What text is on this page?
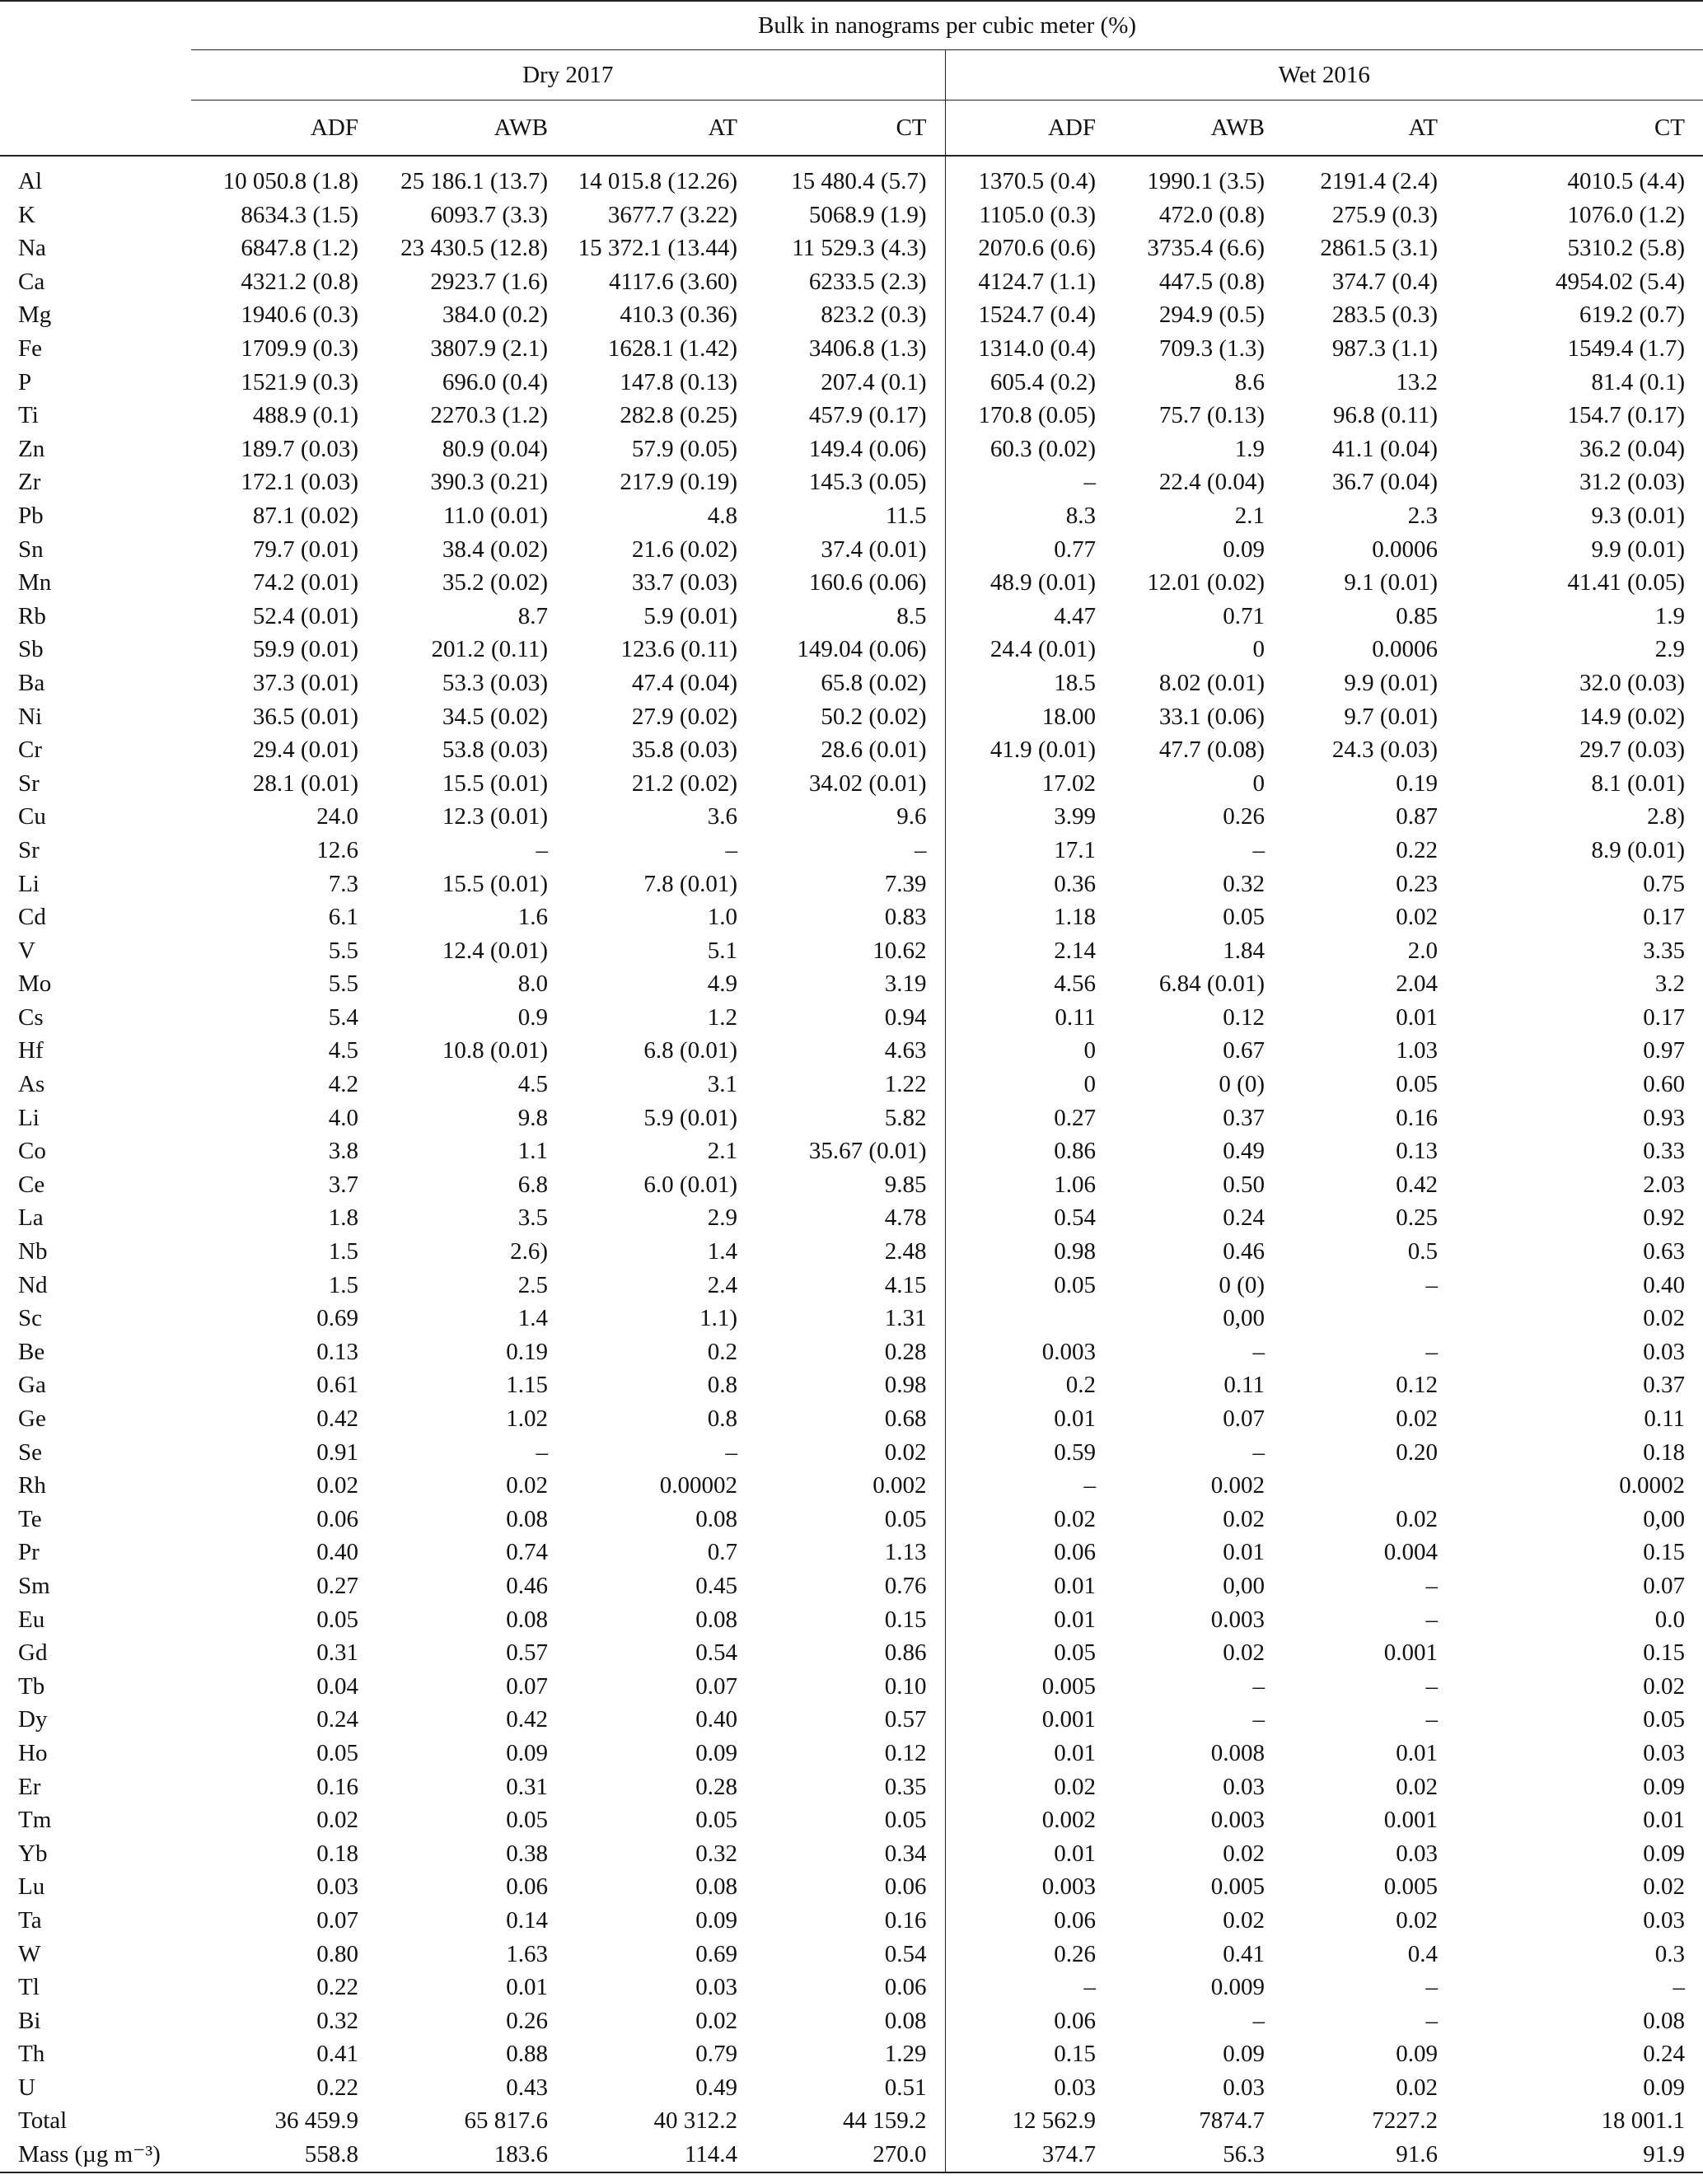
	Bulk in nanograms per cubic meter (%)							
	Dry 2017				Wet 2016			
	ADF	AWB	AT	CT	ADF	AWB	AT	CT
Al	10 050.8 (1.8)	25 186.1 (13.7)	14 015.8 (12.26)	15 480.4 (5.7)	1370.5 (0.4)	1990.1 (3.5)	2191.4 (2.4)	4010.5 (4.4)
K	8634.3 (1.5)	6093.7 (3.3)	3677.7 (3.22)	5068.9 (1.9)	1105.0 (0.3)	472.0 (0.8)	275.9 (0.3)	1076.0 (1.2)
Na	6847.8 (1.2)	23 430.5 (12.8)	15 372.1 (13.44)	11 529.3 (4.3)	2070.6 (0.6)	3735.4 (6.6)	2861.5 (3.1)	5310.2 (5.8)
Ca	4321.2 (0.8)	2923.7 (1.6)	4117.6 (3.60)	6233.5 (2.3)	4124.7 (1.1)	447.5 (0.8)	374.7 (0.4)	4954.02 (5.4)
Mg	1940.6 (0.3)	384.0 (0.2)	410.3 (0.36)	823.2 (0.3)	1524.7 (0.4)	294.9 (0.5)	283.5 (0.3)	619.2 (0.7)
Fe	1709.9 (0.3)	3807.9 (2.1)	1628.1 (1.42)	3406.8 (1.3)	1314.0 (0.4)	709.3 (1.3)	987.3 (1.1)	1549.4 (1.7)
P	1521.9 (0.3)	696.0 (0.4)	147.8 (0.13)	207.4 (0.1)	605.4 (0.2)	8.6	13.2	81.4 (0.1)
Ti	488.9 (0.1)	2270.3 (1.2)	282.8 (0.25)	457.9 (0.17)	170.8 (0.05)	75.7 (0.13)	96.8 (0.11)	154.7 (0.17)
Zn	189.7 (0.03)	80.9 (0.04)	57.9 (0.05)	149.4 (0.06)	60.3 (0.02)	1.9	41.1 (0.04)	36.2 (0.04)
Zr	172.1 (0.03)	390.3 (0.21)	217.9 (0.19)	145.3 (0.05)	–	22.4 (0.04)	36.7 (0.04)	31.2 (0.03)
Pb	87.1 (0.02)	11.0 (0.01)	4.8	11.5	8.3	2.1	2.3	9.3 (0.01)
Sn	79.7 (0.01)	38.4 (0.02)	21.6 (0.02)	37.4 (0.01)	0.77	0.09	0.0006	9.9 (0.01)
Mn	74.2 (0.01)	35.2 (0.02)	33.7 (0.03)	160.6 (0.06)	48.9 (0.01)	12.01 (0.02)	9.1 (0.01)	41.41 (0.05)
Rb	52.4 (0.01)	8.7	5.9 (0.01)	8.5	4.47	0.71	0.85	1.9
Sb	59.9 (0.01)	201.2 (0.11)	123.6 (0.11)	149.04 (0.06)	24.4 (0.01)	0	0.0006	2.9
Ba	37.3 (0.01)	53.3 (0.03)	47.4 (0.04)	65.8 (0.02)	18.5	8.02 (0.01)	9.9 (0.01)	32.0 (0.03)
Ni	36.5 (0.01)	34.5 (0.02)	27.9 (0.02)	50.2 (0.02)	18.00	33.1 (0.06)	9.7 (0.01)	14.9 (0.02)
Cr	29.4 (0.01)	53.8 (0.03)	35.8 (0.03)	28.6 (0.01)	41.9 (0.01)	47.7 (0.08)	24.3 (0.03)	29.7 (0.03)
Sr	28.1 (0.01)	15.5 (0.01)	21.2 (0.02)	34.02 (0.01)	17.02	0	0.19	8.1 (0.01)
Cu	24.0	12.3 (0.01)	3.6	9.6	3.99	0.26	0.87	2.8)
Sr	12.6	–	–	–	17.1	–	0.22	8.9 (0.01)
Li	7.3	15.5 (0.01)	7.8 (0.01)	7.39	0.36	0.32	0.23	0.75
Cd	6.1	1.6	1.0	0.83	1.18	0.05	0.02	0.17
V	5.5	12.4 (0.01)	5.1	10.62	2.14	1.84	2.0	3.35
Mo	5.5	8.0	4.9	3.19	4.56	6.84 (0.01)	2.04	3.2
Cs	5.4	0.9	1.2	0.94	0.11	0.12	0.01	0.17
Hf	4.5	10.8 (0.01)	6.8 (0.01)	4.63	0	0.67	1.03	0.97
As	4.2	4.5	3.1	1.22	0	0 (0)	0.05	0.60
Li	4.0	9.8	5.9 (0.01)	5.82	0.27	0.37	0.16	0.93
Co	3.8	1.1	2.1	35.67 (0.01)	0.86	0.49	0.13	0.33
Ce	3.7	6.8	6.0 (0.01)	9.85	1.06	0.50	0.42	2.03
La	1.8	3.5	2.9	4.78	0.54	0.24	0.25	0.92
Nb	1.5	2.6)	1.4	2.48	0.98	0.46	0.5	0.63
Nd	1.5	2.5	2.4	4.15	0.05	0 (0)	–	0.40
Sc	0.69	1.4	1.1)	1.31		0,00		0.02
Be	0.13	0.19	0.2	0.28	0.003	–	–	0.03
Ga	0.61	1.15	0.8	0.98	0.2	0.11	0.12	0.37
Ge	0.42	1.02	0.8	0.68	0.01	0.07	0.02	0.11
Se	0.91	–	–	0.02	0.59	–	0.20	0.18
Rh	0.02	0.02	0.00002	0.002	–	0.002		0.0002
Te	0.06	0.08	0.08	0.05	0.02	0.02	0.02	0,00
Pr	0.40	0.74	0.7	1.13	0.06	0.01	0.004	0.15
Sm	0.27	0.46	0.45	0.76	0.01	0,00	–	0.07
Eu	0.05	0.08	0.08	0.15	0.01	0.003	–	0.0
Gd	0.31	0.57	0.54	0.86	0.05	0.02	0.001	0.15
Tb	0.04	0.07	0.07	0.10	0.005	–	–	0.02
Dy	0.24	0.42	0.40	0.57	0.001	–	–	0.05
Ho	0.05	0.09	0.09	0.12	0.01	0.008	0.01	0.03
Er	0.16	0.31	0.28	0.35	0.02	0.03	0.02	0.09
Tm	0.02	0.05	0.05	0.05	0.002	0.003	0.001	0.01
Yb	0.18	0.38	0.32	0.34	0.01	0.02	0.03	0.09
Lu	0.03	0.06	0.08	0.06	0.003	0.005	0.005	0.02
Ta	0.07	0.14	0.09	0.16	0.06	0.02	0.02	0.03
W	0.80	1.63	0.69	0.54	0.26	0.41	0.4	0.3
Tl	0.22	0.01	0.03	0.06	–	0.009	–	–
Bi	0.32	0.26	0.02	0.08	0.06	–	–	0.08
Th	0.41	0.88	0.79	1.29	0.15	0.09	0.09	0.24
U	0.22	0.43	0.49	0.51	0.03	0.03	0.02	0.09
Total	36 459.9	65 817.6	40 312.2	44 159.2	12 562.9	7874.7	7227.2	18 001.1
Mass (µg m⁻³)	558.8	183.6	114.4	270.0	374.7	56.3	91.6	91.9
